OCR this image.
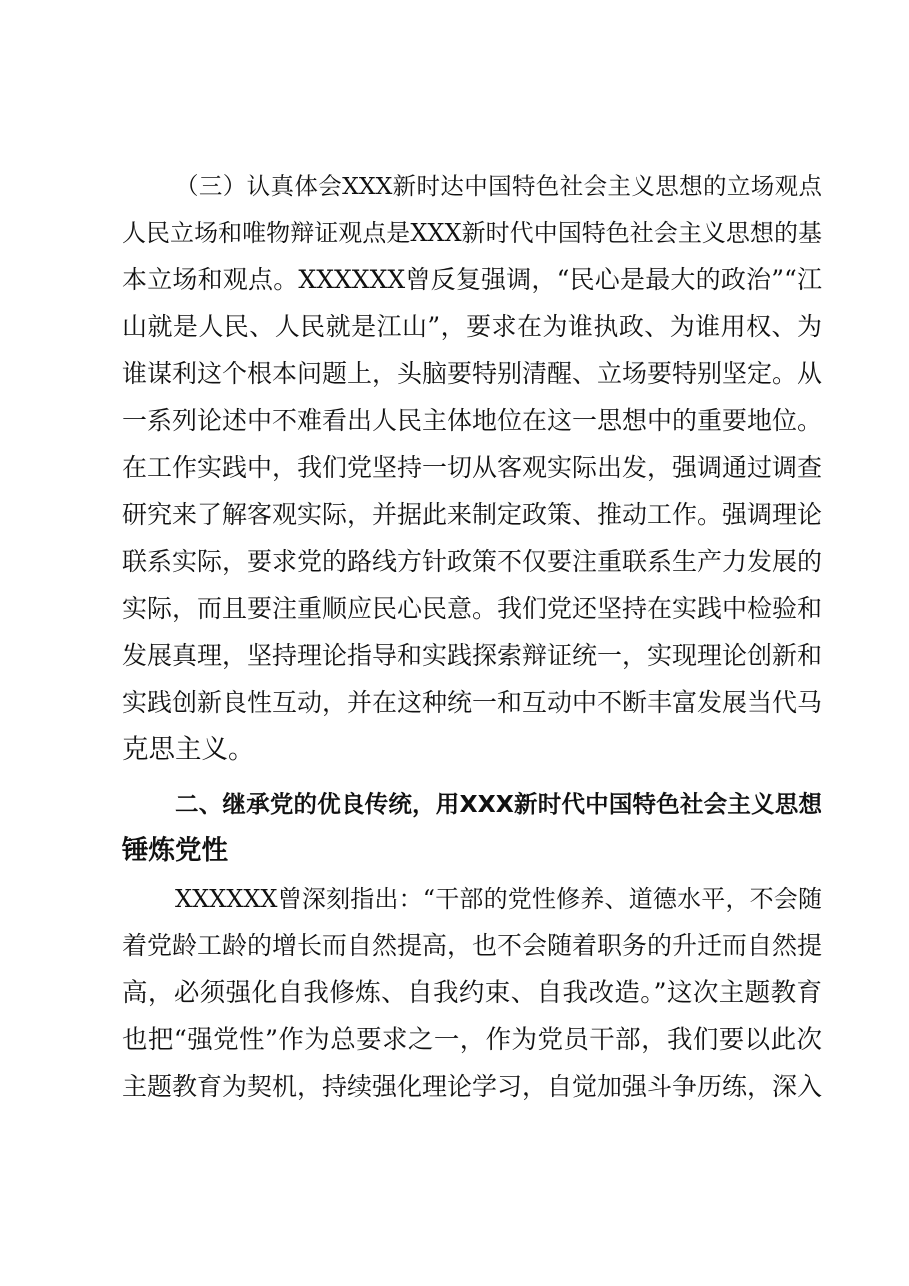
（三）认真体会XXX新时达中国特色社会主义思想的立场观点
人民立场和唯物辩证观点是XXX新时代中国特色社会主义思想的基
本立场和观点。XXXXXX曾反复强调，“民心是最大的政治”“江
山就是人民、人民就是江山”，要求在为谁执政、为谁用权、为
谁谋利这个根本问题上，头脑要特别清醒、立场要特别坚定。从
一系列论述中不难看出人民主体地位在这一思想中的重要地位。
在工作实践中，我们党坚持一切从客观实际出发，强调通过调查
研究来了解客观实际，并据此来制定政策、推动工作。强调理论
联系实际，要求党的路线方针政策不仅要注重联系生产力发展的
实际，而且要注重顺应民心民意。我们党还坚持在实践中检验和
发展真理，坚持理论指导和实践探索辩证统一，实现理论创新和
实践创新良性互动，并在这种统一和互动中不断丰富发展当代马
克思主义。
二、继承党的优良传统，用XXX新时代中国特色社会主义思想
锤炼党性
XXXXXX曾深刻指出：“干部的党性修养、道德水平，不会随
着党龄工龄的增长而自然提高，也不会随着职务的升迁而自然提
高，必须强化自我修炼、自我约束、自我改造。”这次主题教育
也把“强党性”作为总要求之一，作为党员干部，我们要以此次
主题教育为契机，持续强化理论学习，自觉加强斗争历练，深入
